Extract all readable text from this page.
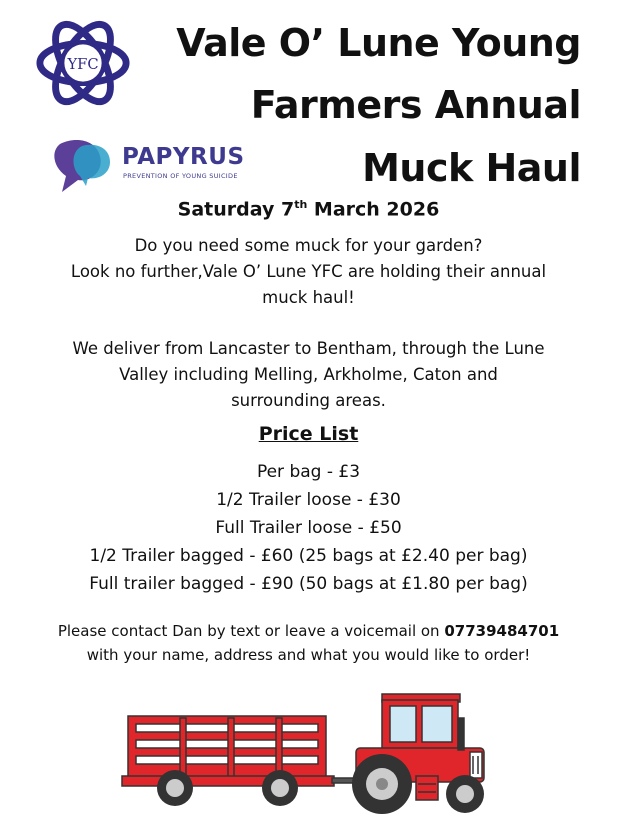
YFC
PAPYRUS
PREVENTION OF YOUNG SUICIDE
Vale O’ Lune Young
Farmers Annual
Muck Haul
Saturday 7th March 2026
Do you need some muck for your garden?
Look no further,Vale O’ Lune YFC are holding their annual
muck haul!
We deliver from Lancaster to Bentham, through the Lune
Valley including Melling, Arkholme, Caton and
surrounding areas.
Price List
Per bag - £3
1/2 Trailer loose - £30
Full Trailer loose - £50
1/2 Trailer bagged - £60 (25 bags at £2.40 per bag)
Full trailer bagged - £90 (50 bags at £1.80 per bag)
Please contact Dan by text or leave a voicemail on 07739484701
with your name, address and what you would like to order!
